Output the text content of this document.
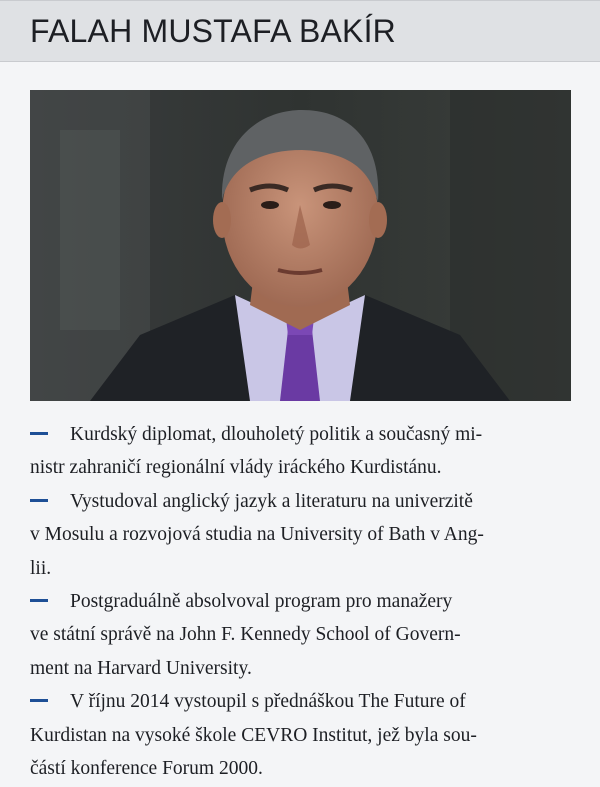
FALAH MUSTAFA BAKÍR
Kurdský diplomat, dlouholetý politik a současný mi-
nistr zahraničí regionální vlády iráckého Kurdistánu.
Vystudoval anglický jazyk a literaturu na univerzitě
v Mosulu a rozvojová studia na University of Bath v Ang-
lii.
Postgraduálně absolvoval program pro manažery
ve státní správě na John F. Kennedy School of Govern-
ment na Harvard University.
V říjnu 2014 vystoupil s přednáškou The Future of
Kurdistan na vysoké škole CEVRO Institut, jež byla sou-
částí konference Forum 2000.
